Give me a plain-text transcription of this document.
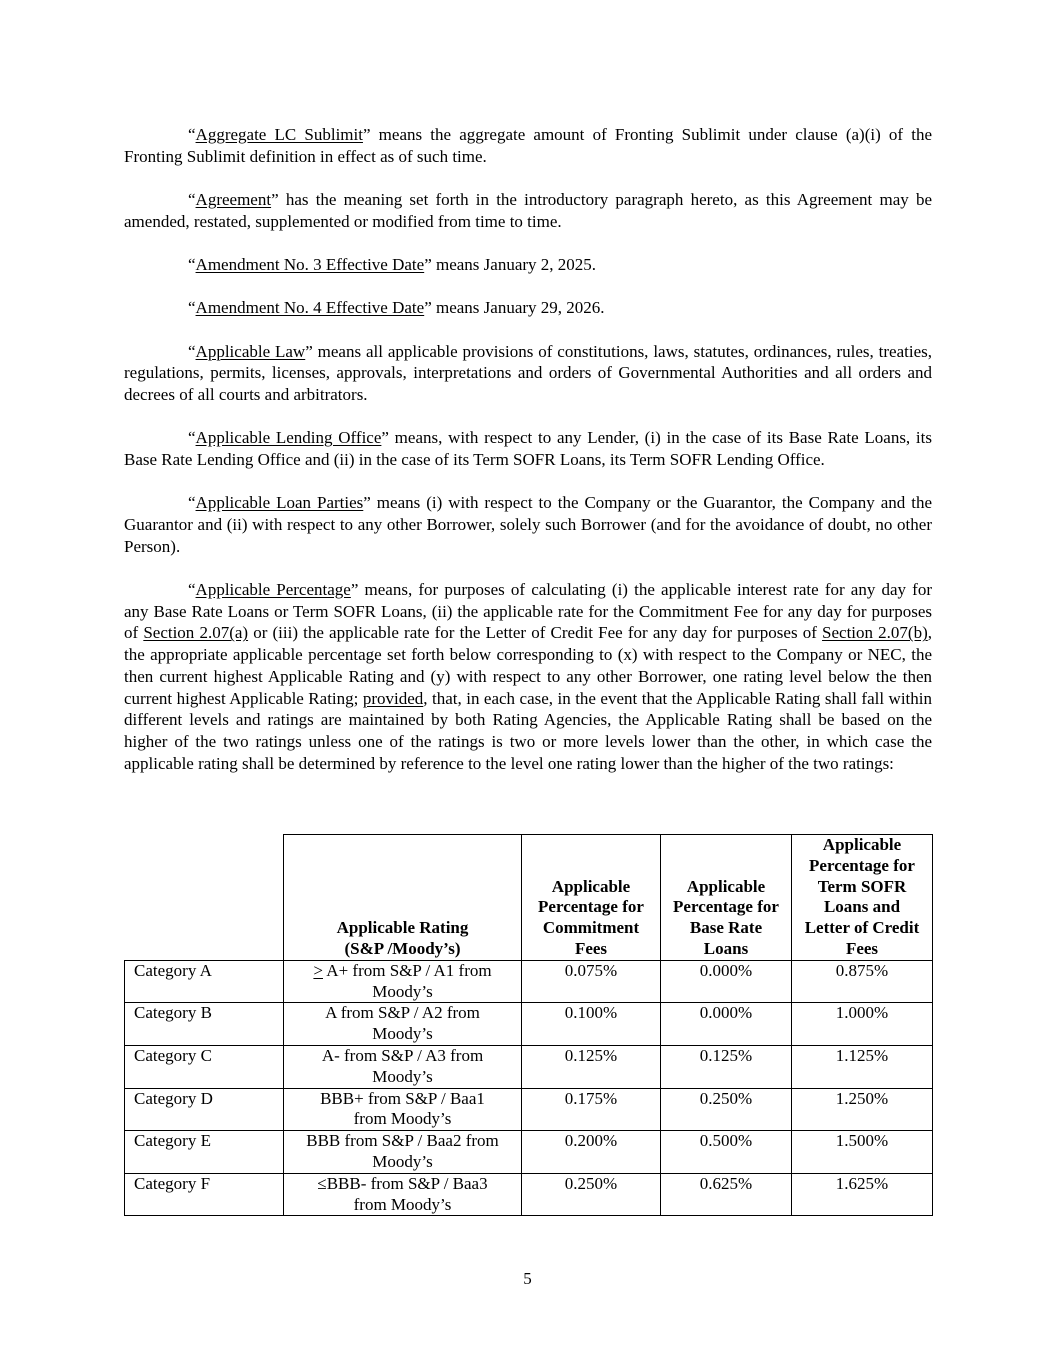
“Aggregate LC Sublimit” means the aggregate amount of Fronting Sublimit under clause (a)(i) of the Fronting Sublimit definition in effect as of such time.

“Agreement” has the meaning set forth in the introductory paragraph hereto, as this Agreement may be amended, restated, supplemented or modified from time to time.

“Amendment No. 3 Effective Date” means January 2, 2025.

“Amendment No. 4 Effective Date” means January 29, 2026.

“Applicable Law” means all applicable provisions of constitutions, laws, statutes, ordinances, rules, treaties, regulations, permits, licenses, approvals, interpretations and orders of Governmental Authorities and all orders and decrees of all courts and arbitrators.

“Applicable Lending Office” means, with respect to any Lender, (i) in the case of its Base Rate Loans, its Base Rate Lending Office and (ii) in the case of its Term SOFR Loans, its Term SOFR Lending Office.

“Applicable Loan Parties” means (i) with respect to the Company or the Guarantor, the Company and the Guarantor and (ii) with respect to any other Borrower, solely such Borrower (and for the avoidance of doubt, no other Person).

“Applicable Percentage” means, for purposes of calculating (i) the applicable interest rate for any day for any Base Rate Loans or Term SOFR Loans, (ii) the applicable rate for the Commitment Fee for any day for purposes of Section 2.07(a) or (iii) the applicable rate for the Letter of Credit Fee for any day for purposes of Section 2.07(b), the appropriate applicable percentage set forth below corresponding to (x) with respect to the Company or NEC, the then current highest Applicable Rating and (y) with respect to any other Borrower, one rating level below the then current highest Applicable Rating; provided, that, in each case, in the event that the Applicable Rating shall fall within different levels and ratings are maintained by both Rating Agencies, the Applicable Rating shall be based on the higher of the two ratings unless one of the ratings is two or more levels lower than the other, in which case the applicable rating shall be determined by reference to the level one rating lower than the higher of the two ratings:

	Applicable Rating (S&P /Moody’s)	Applicable Percentage for Commitment Fees	Applicable Percentage for Base Rate Loans	Applicable Percentage for Term SOFR Loans and Letter of Credit Fees
Category A	≥ A+ from S&P / A1 from Moody’s	0.075%	0.000%	0.875%
Category B	A from S&P / A2 from Moody’s	0.100%	0.000%	1.000%
Category C	A- from S&P / A3 from Moody’s	0.125%	0.125%	1.125%
Category D	BBB+ from S&P / Baa1 from Moody’s	0.175%	0.250%	1.250%
Category E	BBB from S&P / Baa2 from Moody’s	0.200%	0.500%	1.500%
Category F	≤BBB- from S&P / Baa3 from Moody’s	0.250%	0.625%	1.625%
5
